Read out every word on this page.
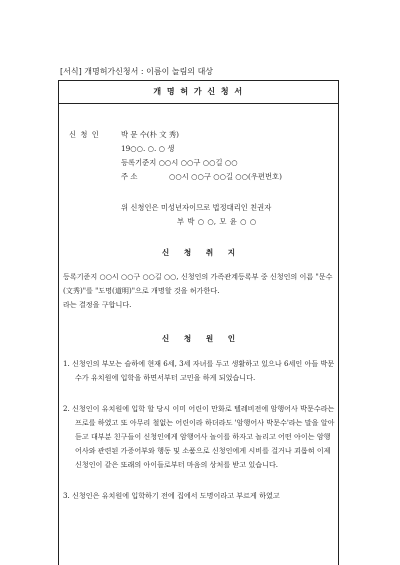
[서식] 개명허가신청서 : 이름이 놀림의 대상
개 명 허 가 신 청 서
신 청 인	박 문 수(朴 文 秀)
19○○. ○. ○ 생
등록기준지 ○○시 ○○구 ○○길 ○○
주 소	○○시 ○○구 ○○길 ○○(우편번호)
위 신청인은 미성년자이므로 법정대리인 친권자
부 박 ○ ○, 모 윤 ○ ○
신 청 취 지
등록기준지 ○○시 ○○구 ○○길 ○○, 신청인의 가족관계등록부 중 신청인의 이름 "문수(文秀)"를 "도명(道明)"으로 개명할 것을 허가한다.
라는 결정을 구합니다.
신 청 원 인
1. 신청인의 부모는 슬하에 현재 6세, 3세 자녀를 두고 생활하고 있으나 6세인 아들 박문수가 유치원에 입학을 하면서부터 고민을 하게 되었습니다.
2. 신청인이 유치원에 입학 할 당시 이미 어린이 만화로 텔레비전에 암행어사 박문수라는 프로를 하였고 또 아무리 철없는 어린이라 하더라도 '암행어사 박문수'라는 말을 알아듣고 대부분 친구들이 신청인에게 암행어사 놀이를 하자고 놀리고 어떤 아이는 암행어사와 관련된 가증어부와 행동 및 소품으로 신청인에게 시비를 걸거나 괴롭혀 이제 신청인이 같은 또래의 아이들로부터 마음의 상처를 받고 있습니다.
3. 신청인은 유치원에 입학하기 전에 집에서 도명이라고 부르게 하였고
